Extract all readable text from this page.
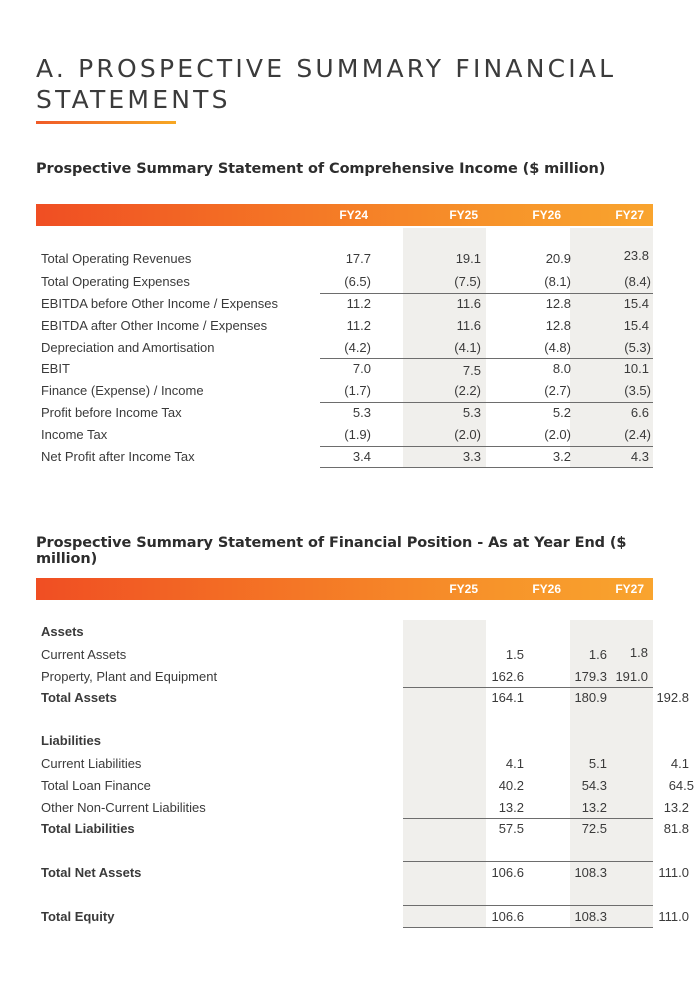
A. PROSPECTIVE SUMMARY FINANCIAL STATEMENTS
Prospective Summary Statement of Comprehensive Income ($ million)
FY24	FY25	FY26	FY27
Total Operating Revenues	17.7	19.1	20.9	23.8
Total Operating Expenses	(6.5)	(7.5)	(8.1)	(8.4)
EBITDA before Other Income / Expenses	11.2	11.6	12.8	15.4
EBITDA after Other Income / Expenses	11.2	11.6	12.8	15.4
Depreciation and Amortisation	(4.2)	(4.1)	(4.8)	(5.3)
EBIT	7.0	7.5	8.0	10.1
Finance (Expense) / Income	(1.7)	(2.2)	(2.7)	(3.5)
Profit before Income Tax	5.3	5.3	5.2	6.6
Income Tax	(1.9)	(2.0)	(2.0)	(2.4)
Net Profit after Income Tax	3.4	3.3	3.2	4.3
Prospective Summary Statement of Financial Position - As at Year End ($ million)
FY25	FY26	FY27
Assets
Current Assets	1.5	1.6	1.8
Property, Plant and Equipment	162.6	179.3 191.0
Total Assets	164.1	180.9	192.8
Liabilities
Current Liabilities	4.1	5.1	4.1
Total Loan Finance	40.2	54.3	64.5
Other Non-Current Liabilities	13.2	13.2	13.2
Total Liabilities	57.5	72.5	81.8
Total Net Assets	106.6	108.3	111.0
Total Equity	106.6	108.3	111.0
